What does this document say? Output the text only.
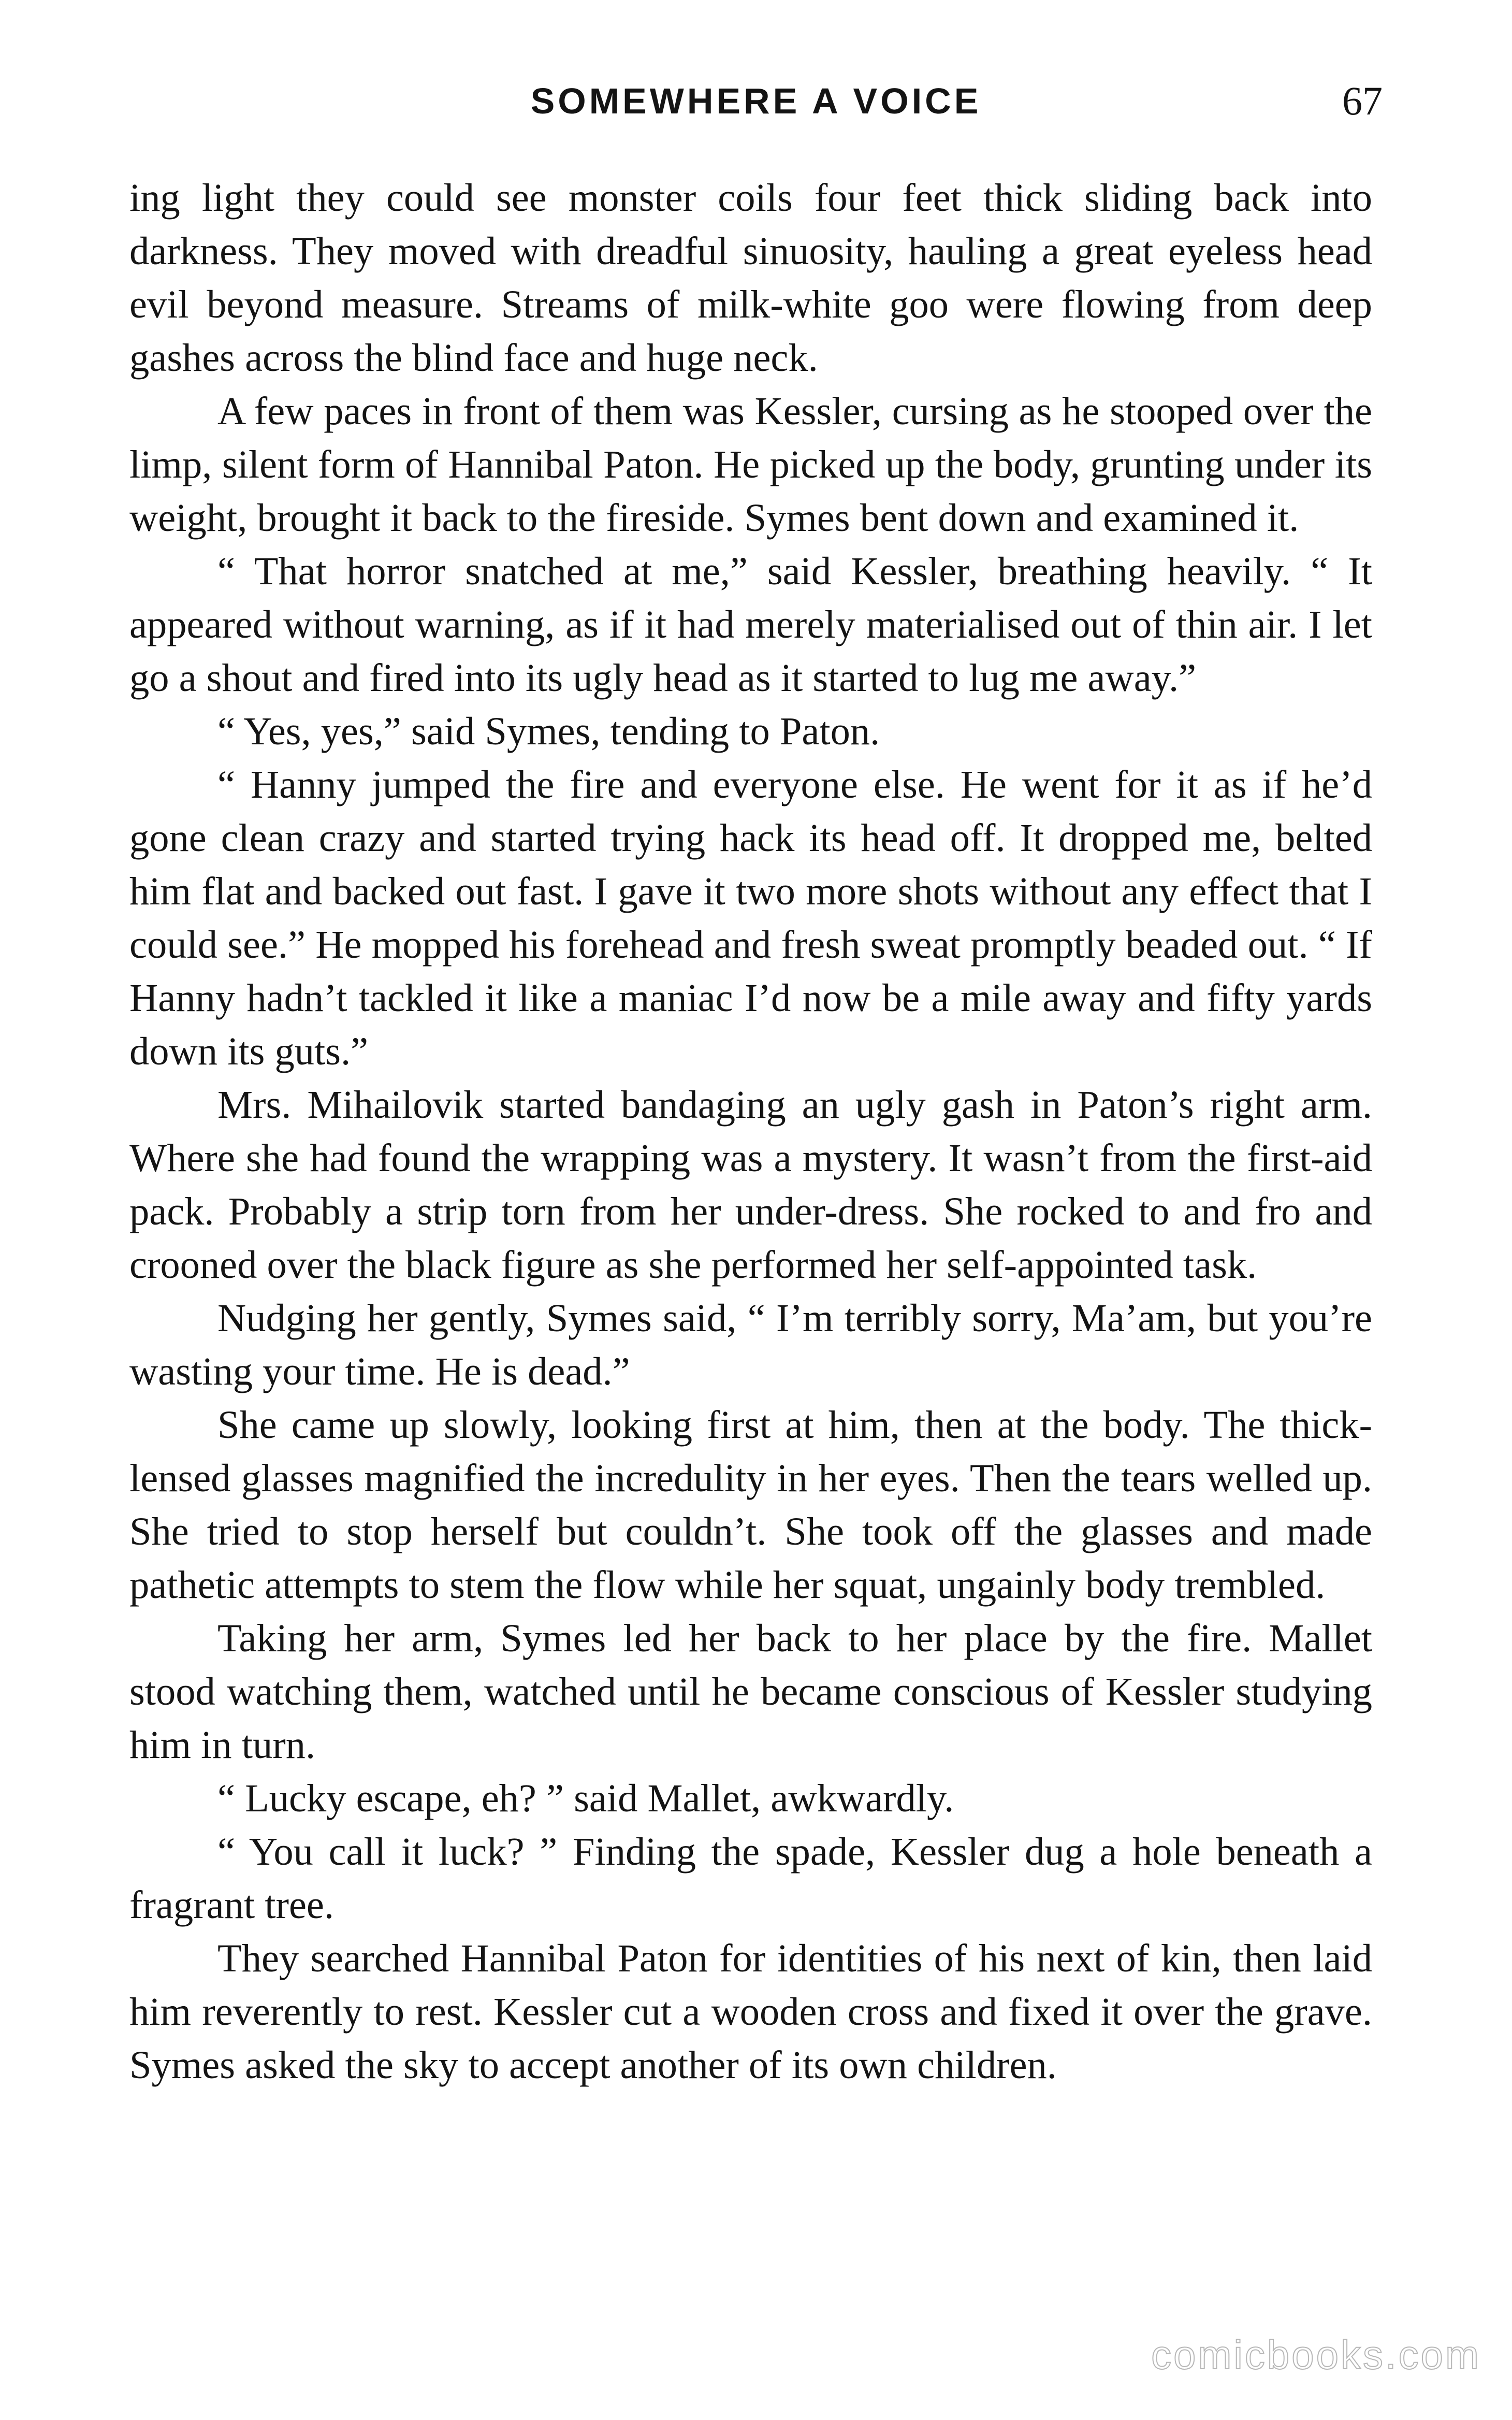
SOMEWHERE A VOICE	67

ing light they could see monster coils four feet thick sliding back into darkness. They moved with dreadful sinuosity, hauling a great eyeless head evil beyond measure. Streams of milk-white goo were flowing from deep gashes across the blind face and huge neck.

A few paces in front of them was Kessler, cursing as he stooped over the limp, silent form of Hannibal Paton. He picked up the body, grunting under its weight, brought it back to the fireside. Symes bent down and examined it.

“ That horror snatched at me,” said Kessler, breathing heavily. “ It appeared without warning, as if it had merely materialised out of thin air. I let go a shout and fired into its ugly head as it started to lug me away.”

“ Yes, yes,” said Symes, tending to Paton.

“ Hanny jumped the fire and everyone else. He went for it as if he’d gone clean crazy and started trying hack its head off. It dropped me, belted him flat and backed out fast. I gave it two more shots without any effect that I could see.” He mopped his forehead and fresh sweat promptly beaded out. “ If Hanny hadn’t tackled it like a maniac I’d now be a mile away and fifty yards down its guts.”

Mrs. Mihailovik started bandaging an ugly gash in Paton’s right arm. Where she had found the wrapping was a mystery. It wasn’t from the first-aid pack. Probably a strip torn from her under-dress. She rocked to and fro and crooned over the black figure as she performed her self-appointed task.

Nudging her gently, Symes said, “ I’m terribly sorry, Ma’am, but you’re wasting your time. He is dead.”

She came up slowly, looking first at him, then at the body. The thick-lensed glasses magnified the incredulity in her eyes. Then the tears welled up. She tried to stop herself but couldn’t. She took off the glasses and made pathetic attempts to stem the flow while her squat, ungainly body trembled.

Taking her arm, Symes led her back to her place by the fire. Mallet stood watching them, watched until he became conscious of Kessler studying him in turn.

“ Lucky escape, eh? ” said Mallet, awkwardly.

“ You call it luck? ” Finding the spade, Kessler dug a hole beneath a fragrant tree.

They searched Hannibal Paton for identities of his next of kin, then laid him reverently to rest. Kessler cut a wooden cross and fixed it over the grave. Symes asked the sky to accept another of its own children.

comicbooks.com
